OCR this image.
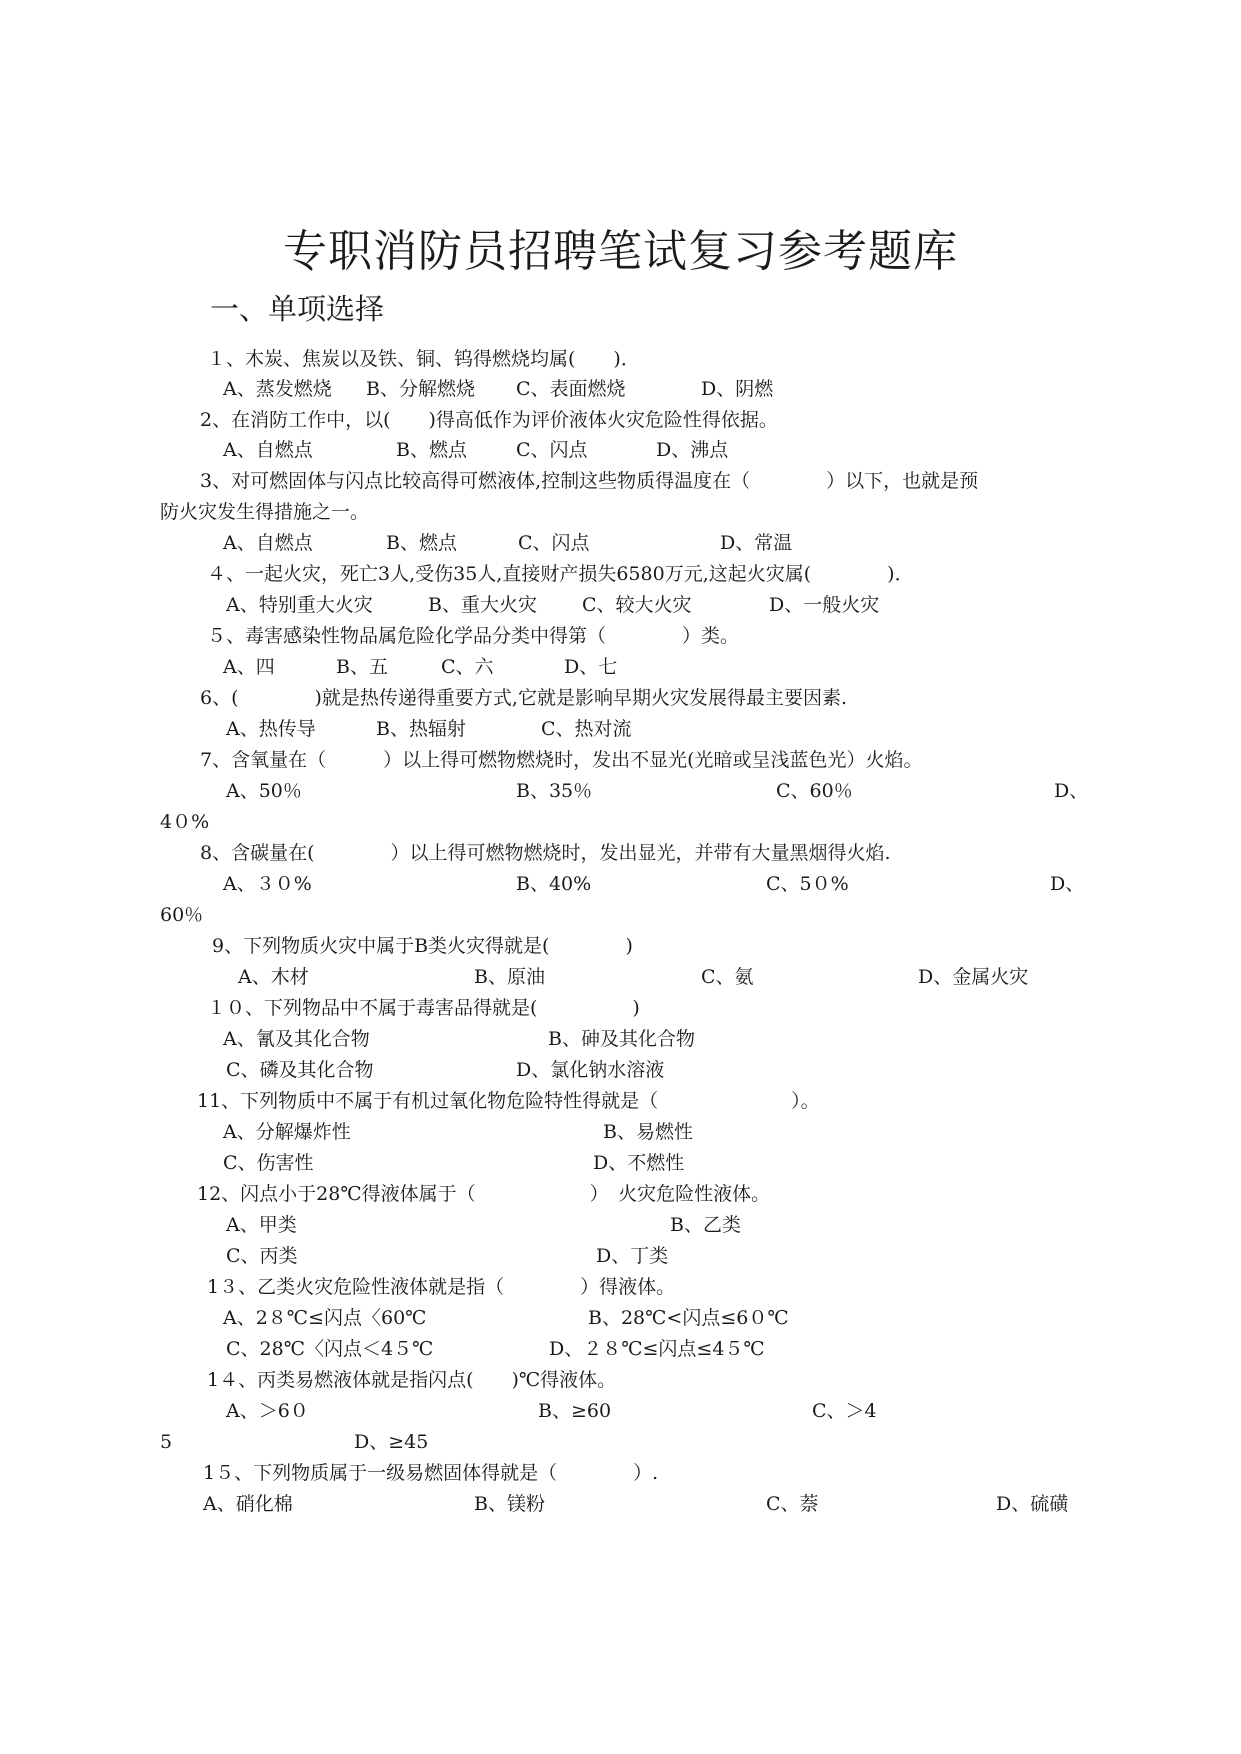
专职消防员招聘笔试复习参考题库
一、单项选择
１、木炭、焦炭以及铁、铜、钨得燃烧均属(　　)．
A、蒸发燃烧 B、分解燃烧 C、表面燃烧	D、阴燃
2、在消防工作中，以(　　)得高低作为评价液体火灾危险性得依据。
A、自燃点	B、燃点	C、闪点	D、沸点
3、对可燃固体与闪点比较高得可燃液体,控制这些物质得温度在（　　　　）以下，也就是预
防火灾发生得措施之一。
A、自燃点	B、燃点	C、闪点	D、常温
４、一起火灾，死亡3人,受伤35人,直接财产损失6580万元,这起火灾属(　　　　)．
A、特别重大火灾	B、重大火灾 C、较大火灾	D、一般火灾
５、毒害感染性物品属危险化学品分类中得第（　　　　）类。
A、四	B、五	C、六	D、七
6、(　　　　)就是热传递得重要方式,它就是影响早期火灾发展得最主要因素.
A、热传导	B、热辐射	C、热对流
7、含氧量在（　　　）以上得可燃物燃烧时，发出不显光(光暗或呈浅蓝色光）火焰。
A、50％	B、35％	C、60％	D、
4０%
8、含碳量在(　　　　）以上得可燃物燃烧时，发出显光，并带有大量黑烟得火焰.
A、３０%	B、40%	C、5０%	D、
60％
9、下列物质火灾中属于B类火灾得就是(　　　　)
A、木材	B、原油	C、氨	D、金属火灾
１０、下列物品中不属于毒害品得就是(　　　　　)
A、氰及其化合物	B、砷及其化合物
C、磷及其化合物	D、氯化钠水溶液
11、下列物质中不属于有机过氧化物危险特性得就是（　　　　　　　）。
A、分解爆炸性	B、易燃性
C、伤害性	D、不燃性
12、闪点小于28℃得液体属于（　　　　　　）　火灾危险性液体。
A、甲类	B、乙类
C、丙类	D、丁类
1３、乙类火灾危险性液体就是指（　　　　）得液体。
A、2８℃≤闪点〈60℃	B、28℃<闪点≤6０℃
C、28℃〈闪点＜4５℃	D、２８℃≤闪点≤4５℃
1４、丙类易燃液体就是指闪点(　　)℃得液体。
A、＞6０	B、≥60	C、＞4
5	D、≥45
1５、下列物质属于一级易燃固体得就是（　　　　）.
A、硝化棉	B、镁粉	C、萘	D、硫磺
